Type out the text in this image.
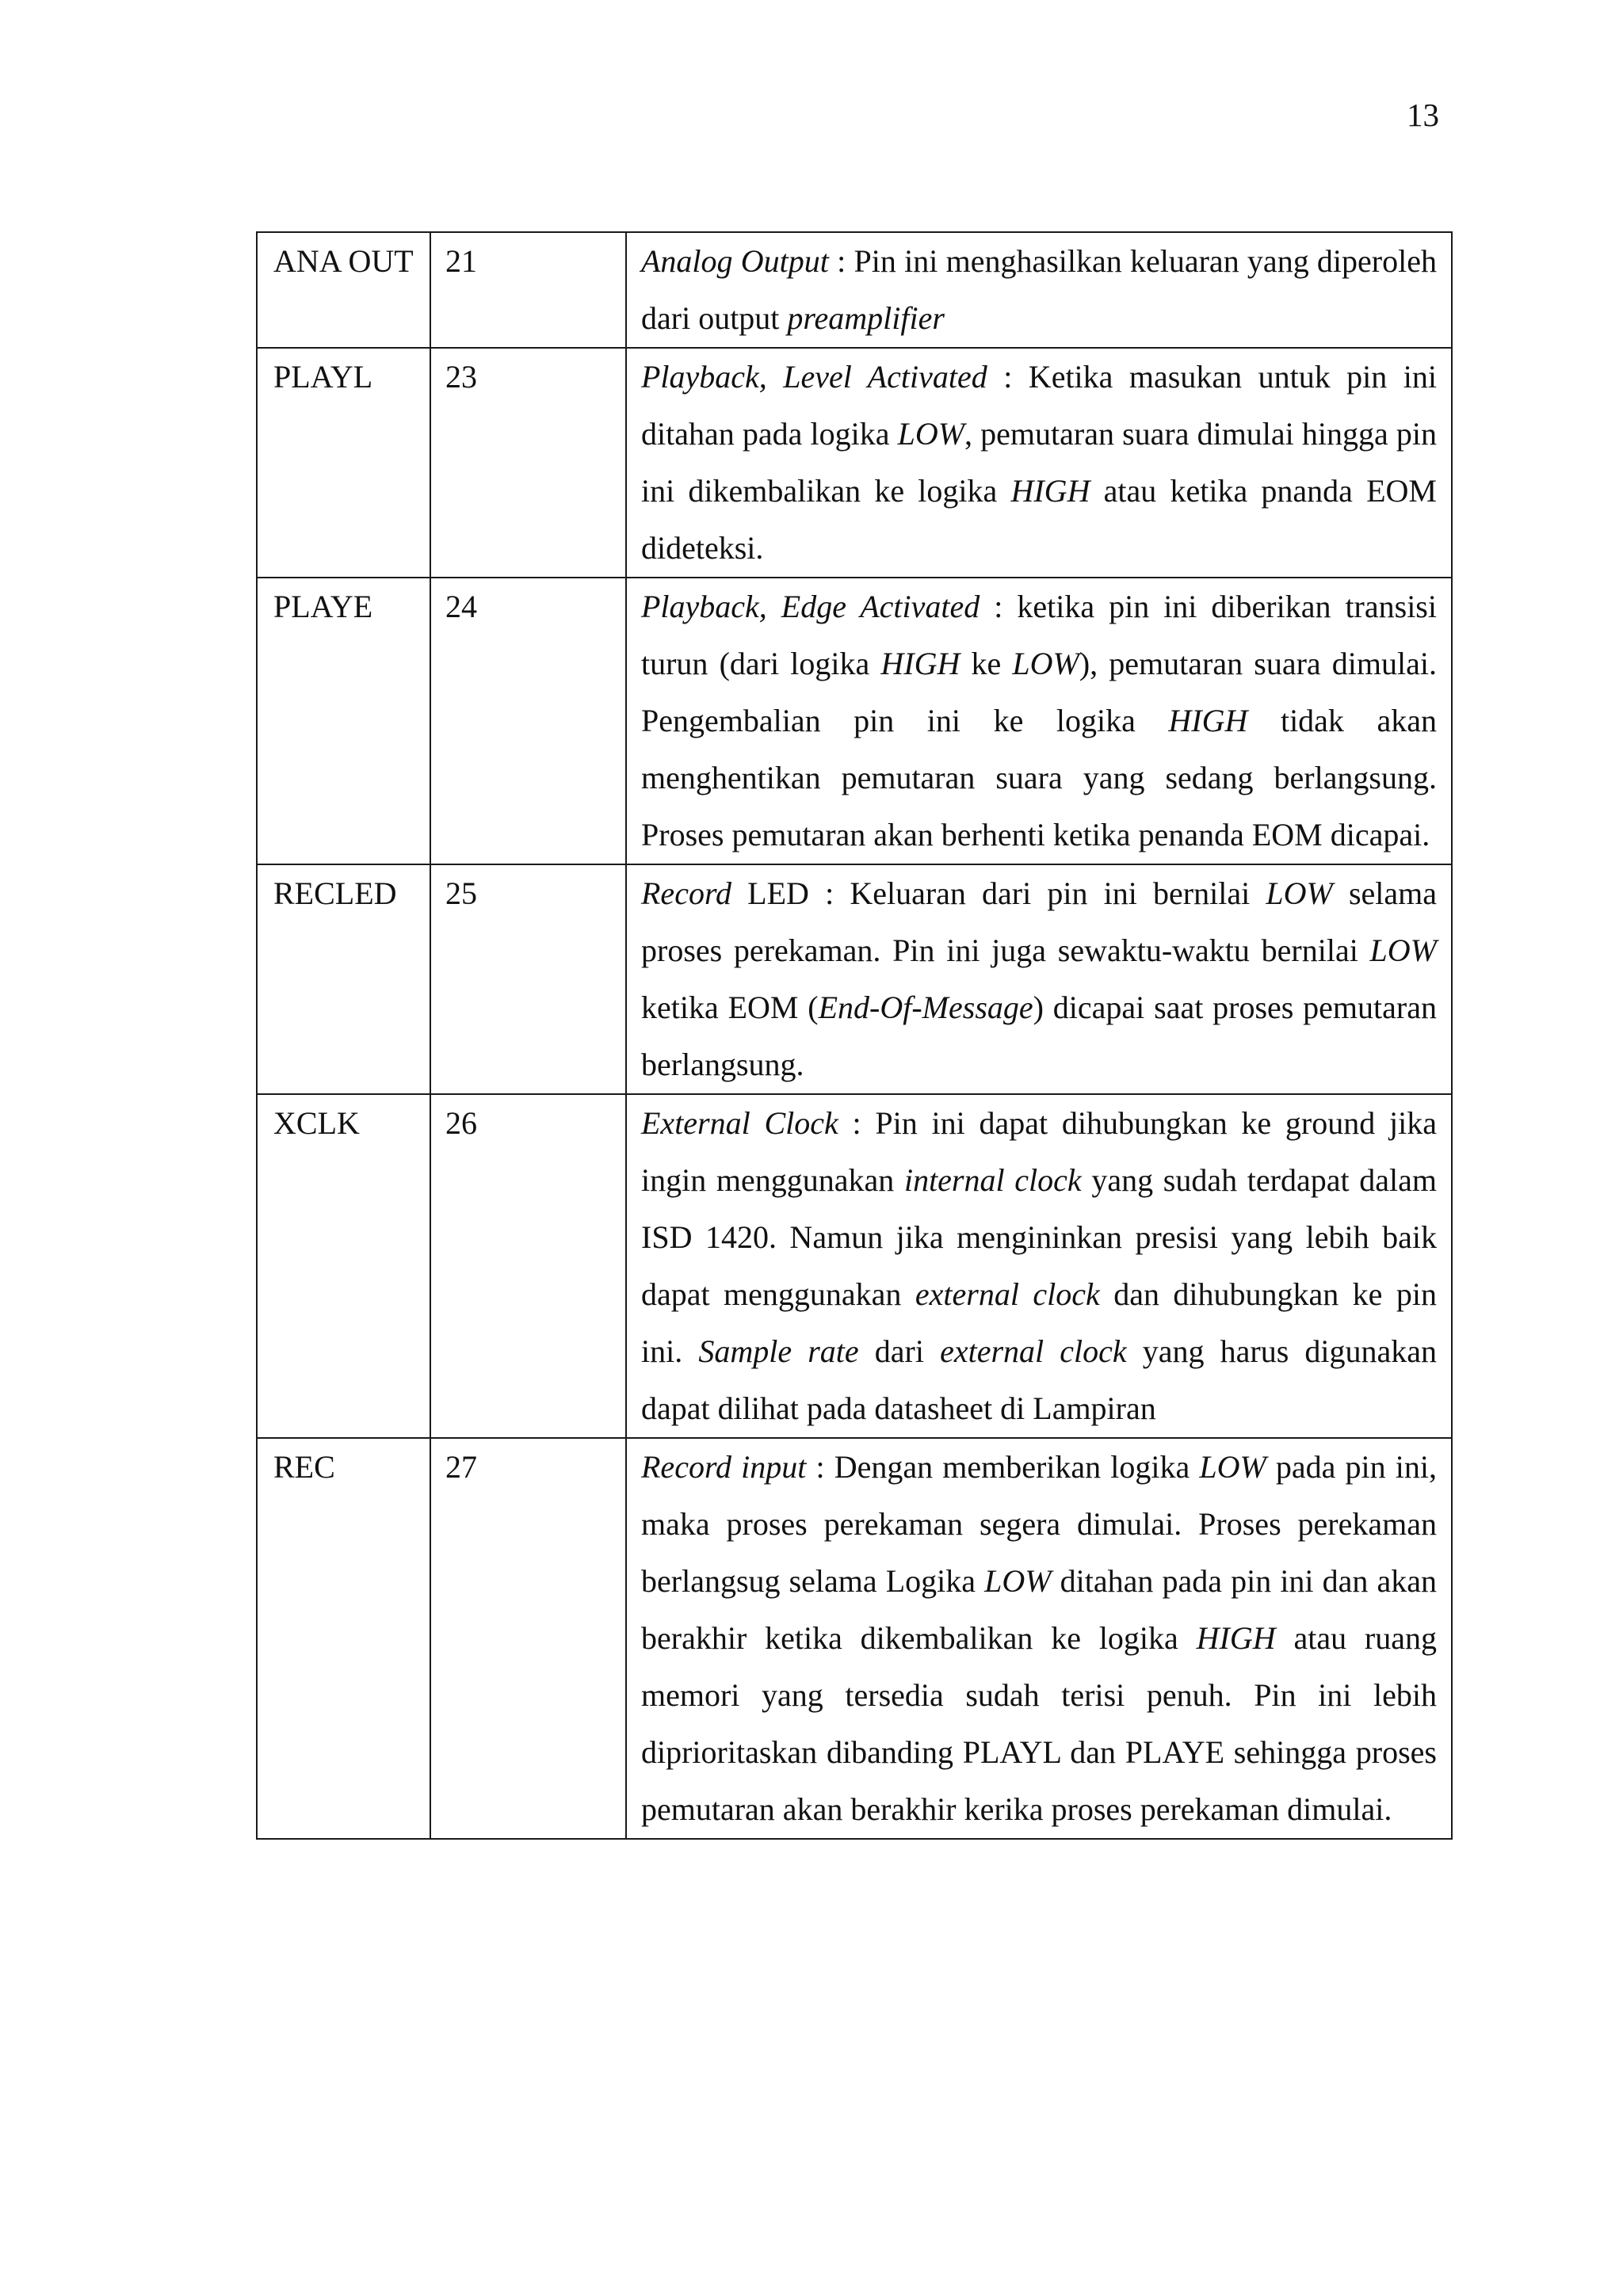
13
ANA OUT	21	Analog Output : Pin ini menghasilkan keluaran yang diperoleh dari output preamplifier

PLAYL	23	Playback, Level Activated : Ketika masukan untuk pin ini ditahan pada logika LOW, pemutaran suara dimulai hingga pin ini dikembalikan ke logika HIGH atau ketika pnanda EOM dideteksi.

PLAYE	24	Playback, Edge Activated : ketika pin ini diberikan transisi turun (dari logika HIGH ke LOW), pemutaran suara dimulai. Pengembalian pin ini ke logika HIGH tidak akan menghentikan pemutaran suara yang sedang berlangsung. Proses pemutaran akan berhenti ketika penanda EOM dicapai.

RECLED	25	Record LED : Keluaran dari pin ini bernilai LOW selama proses perekaman. Pin ini juga sewaktu-waktu bernilai LOW ketika EOM (End-Of-Message) dicapai saat proses pemutaran berlangsung.

XCLK	26	External Clock : Pin ini dapat dihubungkan ke ground jika ingin menggunakan internal clock yang sudah terdapat dalam ISD 1420. Namun jika mengininkan presisi yang lebih baik dapat menggunakan external clock dan dihubungkan ke pin ini. Sample rate dari external clock yang harus digunakan dapat dilihat pada datasheet di Lampiran

REC	27	Record input : Dengan memberikan logika LOW pada pin ini, maka proses perekaman segera dimulai. Proses perekaman berlangsug selama Logika LOW ditahan pada pin ini dan akan berakhir ketika dikembalikan ke logika HIGH atau ruang memori yang tersedia sudah terisi penuh. Pin ini lebih diprioritaskan dibanding PLAYL dan PLAYE sehingga proses pemutaran akan berakhir kerika proses perekaman dimulai.
